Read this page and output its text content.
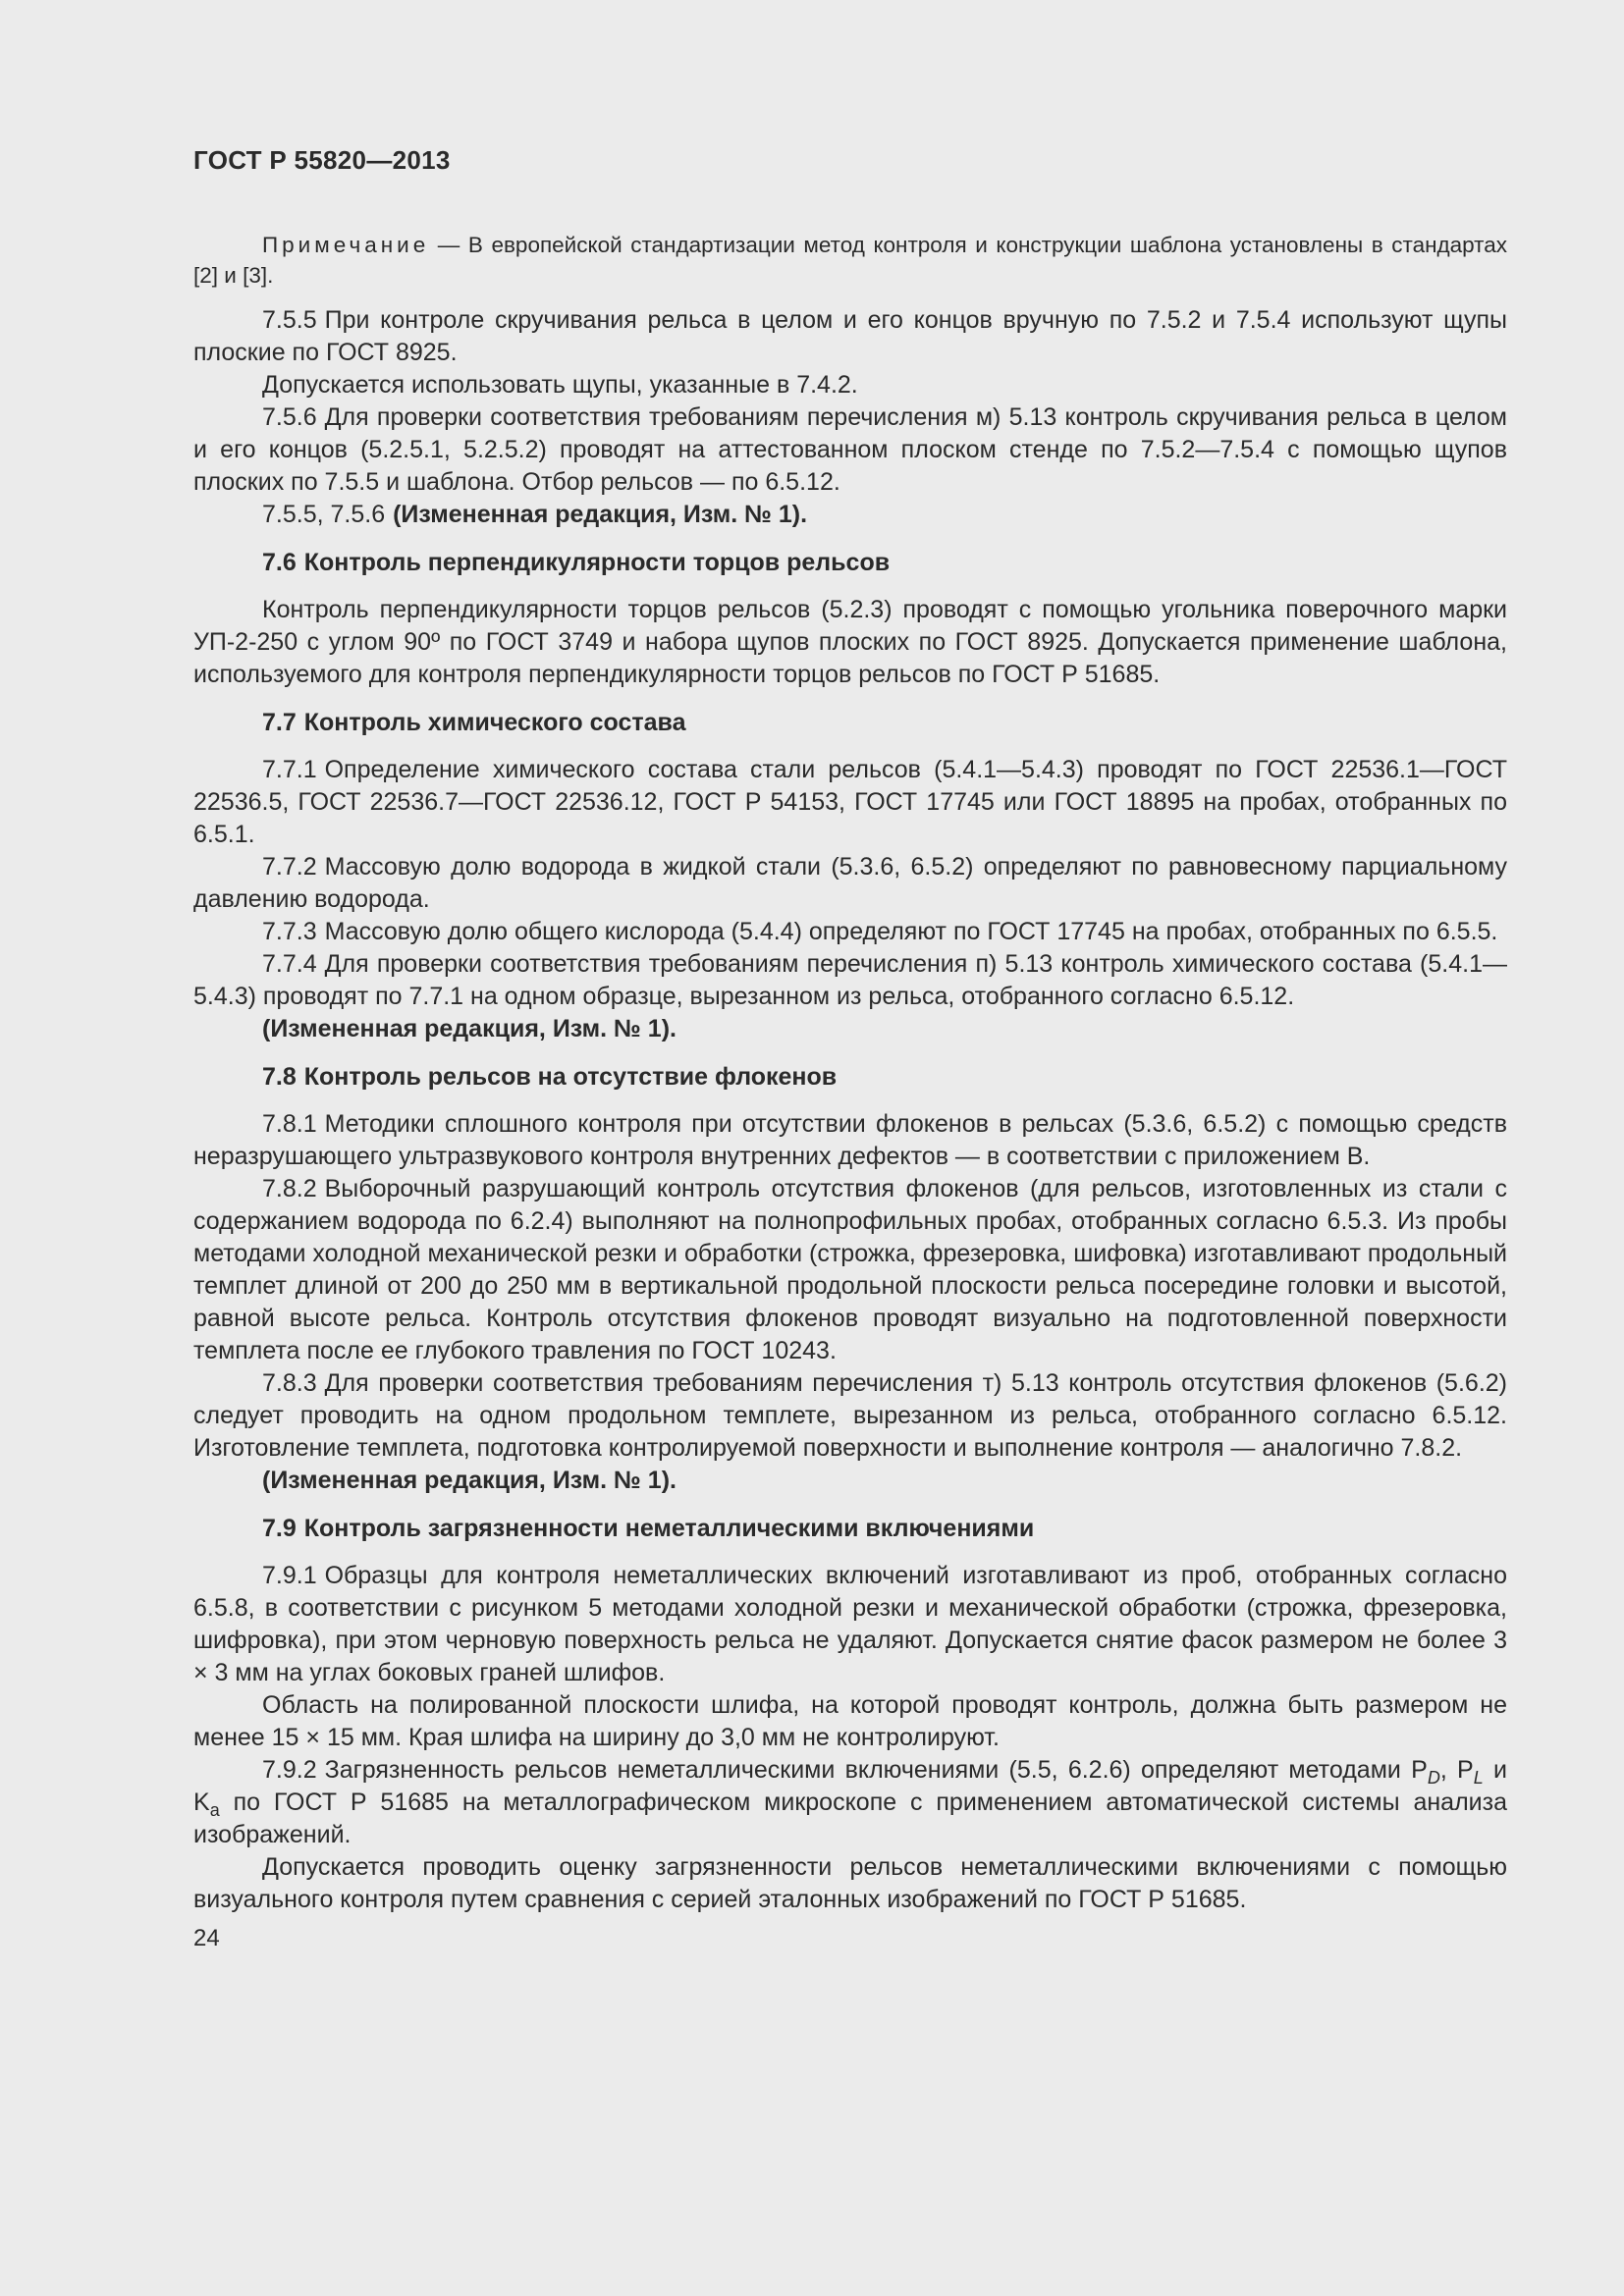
ГОСТ Р 55820—2013

Примечание — В европейской стандартизации метод контроля и конструкции шаблона установлены в стандартах [2] и [3].

7.5.5 При контроле скручивания рельса в целом и его концов вручную по 7.5.2 и 7.5.4 используют щупы плоские по ГОСТ 8925.

Допускается использовать щупы, указанные в 7.4.2.

7.5.6 Для проверки соответствия требованиям перечисления м) 5.13 контроль скручивания рельса в целом и его концов (5.2.5.1, 5.2.5.2) проводят на аттестованном плоском стенде по 7.5.2—7.5.4 с помощью щупов плоских по 7.5.5 и шаблона. Отбор рельсов — по 6.5.12.

7.5.5, 7.5.6 (Измененная редакция, Изм. № 1).

7.6 Контроль перпендикулярности торцов рельсов

Контроль перпендикулярности торцов рельсов (5.2.3) проводят с помощью угольника поверочного марки УП-2-250 с углом 90º по ГОСТ 3749 и набора щупов плоских по ГОСТ 8925. Допускается применение шаблона, используемого для контроля перпендикулярности торцов рельсов по ГОСТ Р 51685.

7.7 Контроль химического состава

7.7.1 Определение химического состава стали рельсов (5.4.1—5.4.3) проводят по ГОСТ 22536.1—ГОСТ 22536.5, ГОСТ 22536.7—ГОСТ 22536.12, ГОСТ Р 54153, ГОСТ 17745 или ГОСТ 18895 на пробах, отобранных по 6.5.1.

7.7.2 Массовую долю водорода в жидкой стали (5.3.6, 6.5.2) определяют по равновесному парциальному давлению водорода.

7.7.3 Массовую долю общего кислорода (5.4.4) определяют по ГОСТ 17745 на пробах, отобранных по 6.5.5.

7.7.4 Для проверки соответствия требованиям перечисления п) 5.13 контроль химического состава (5.4.1—5.4.3) проводят по 7.7.1 на одном образце, вырезанном из рельса, отобранного согласно 6.5.12.

(Измененная редакция, Изм. № 1).

7.8 Контроль рельсов на отсутствие флокенов

7.8.1 Методики сплошного контроля при отсутствии флокенов в рельсах (5.3.6, 6.5.2) с помощью средств неразрушающего ультразвукового контроля внутренних дефектов — в соответствии с приложением В.

7.8.2 Выборочный разрушающий контроль отсутствия флокенов (для рельсов, изготовленных из стали с содержанием водорода по 6.2.4) выполняют на полнопрофильных пробах, отобранных согласно 6.5.3. Из пробы методами холодной механической резки и обработки (строжка, фрезеровка, шифовка) изготавливают продольный темплет длиной от 200 до 250 мм в вертикальной продольной плоскости рельса посередине головки и высотой, равной высоте рельса. Контроль отсутствия флокенов проводят визуально на подготовленной поверхности темплета после ее глубокого травления по ГОСТ 10243.

7.8.3 Для проверки соответствия требованиям перечисления т) 5.13 контроль отсутствия флокенов (5.6.2) следует проводить на одном продольном темплете, вырезанном из рельса, отобранного согласно 6.5.12. Изготовление темплета, подготовка контролируемой поверхности и выполнение контроля — аналогично 7.8.2.

(Измененная редакция, Изм. № 1).

7.9 Контроль загрязненности неметаллическими включениями

7.9.1 Образцы для контроля неметаллических включений изготавливают из проб, отобранных согласно 6.5.8, в соответствии с рисунком 5 методами холодной резки и механической обработки (строжка, фрезеровка, шифровка), при этом черновую поверхность рельса не удаляют. Допускается снятие фасок размером не более 3 × 3 мм на углах боковых граней шлифов.

Область на полированной плоскости шлифа, на которой проводят контроль, должна быть размером не менее 15 × 15 мм. Края шлифа на ширину до 3,0 мм не контролируют.

7.9.2 Загрязненность рельсов неметаллическими включениями (5.5, 6.2.6) определяют методами $P_D$, $P_L$ и $K_a$ по ГОСТ Р 51685 на металлографическом микроскопе с применением автоматической системы анализа изображений.

Допускается проводить оценку загрязненности рельсов неметаллическими включениями с помощью визуального контроля путем сравнения с серией эталонных изображений по ГОСТ Р 51685.

24
